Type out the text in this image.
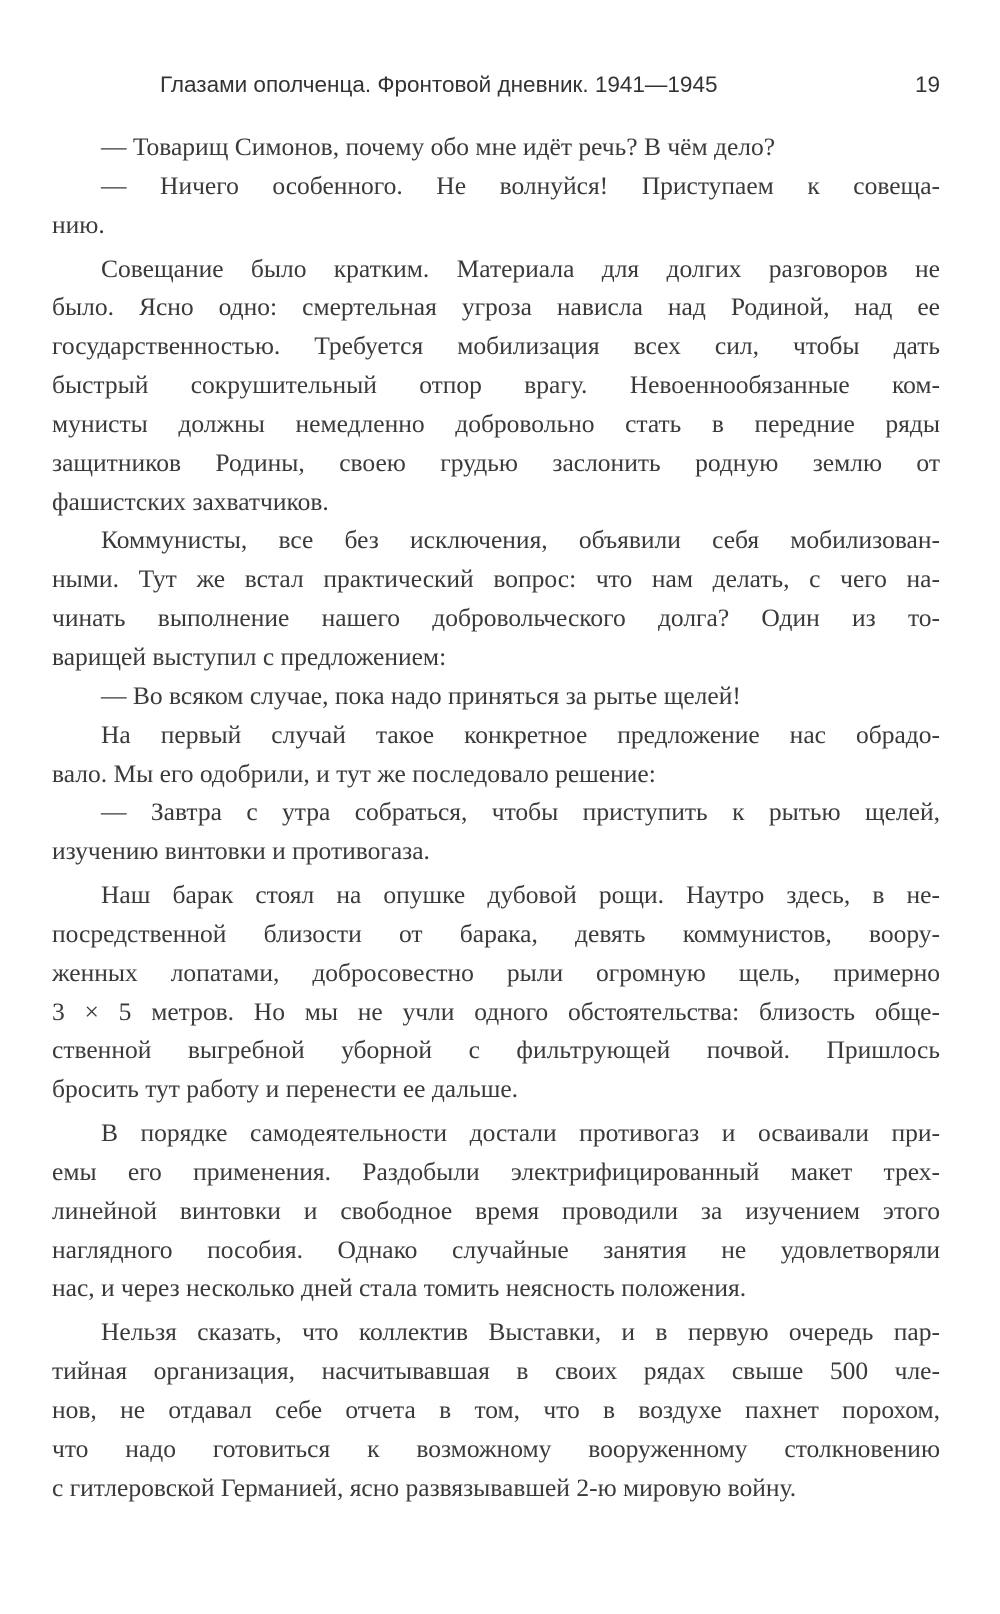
Глазами ополченца. Фронтовой дневник. 1941—1945	19
— Товарищ Симонов, почему обо мне идёт речь? В чём дело?
— Ничего особенного. Не волнуйся! Приступаем к совеща-
нию.
Совещание было кратким. Материала для долгих разговоров не
было. Ясно одно: смертельная угроза нависла над Родиной, над ее
государственностью. Требуется мобилизация всех сил, чтобы дать
быстрый сокрушительный отпор врагу. Невоеннообязанные ком-
мунисты должны немедленно добровольно стать в передние ряды
защитников Родины, своею грудью заслонить родную землю от
фашистских захватчиков.
Коммунисты, все без исключения, объявили себя мобилизован-
ными. Тут же встал практический вопрос: что нам делать, с чего на-
чинать выполнение нашего добровольческого долга? Один из то-
варищей выступил с предложением:
— Во всяком случае, пока надо приняться за рытье щелей!
На первый случай такое конкретное предложение нас обрадо-
вало. Мы его одобрили, и тут же последовало решение:
— Завтра с утра собраться, чтобы приступить к рытью щелей,
изучению винтовки и противогаза.
Наш барак стоял на опушке дубовой рощи. Наутро здесь, в не-
посредственной близости от барака, девять коммунистов, воору-
женных лопатами, добросовестно рыли огромную щель, примерно
3 × 5 метров. Но мы не учли одного обстоятельства: близость обще-
ственной выгребной уборной с фильтрующей почвой. Пришлось
бросить тут работу и перенести ее дальше.
В порядке самодеятельности достали противогаз и осваивали при-
емы его применения. Раздобыли электрифицированный макет трех-
линейной винтовки и свободное время проводили за изучением этого
наглядного пособия. Однако случайные занятия не удовлетворяли
нас, и через несколько дней стала томить неясность положения.
Нельзя сказать, что коллектив Выставки, и в первую очередь пар-
тийная организация, насчитывавшая в своих рядах свыше 500 чле-
нов, не отдавал себе отчета в том, что в воздухе пахнет порохом,
что надо готовиться к возможному вооруженному столкновению
с гитлеровской Германией, ясно развязывавшей 2-ю мировую войну.
